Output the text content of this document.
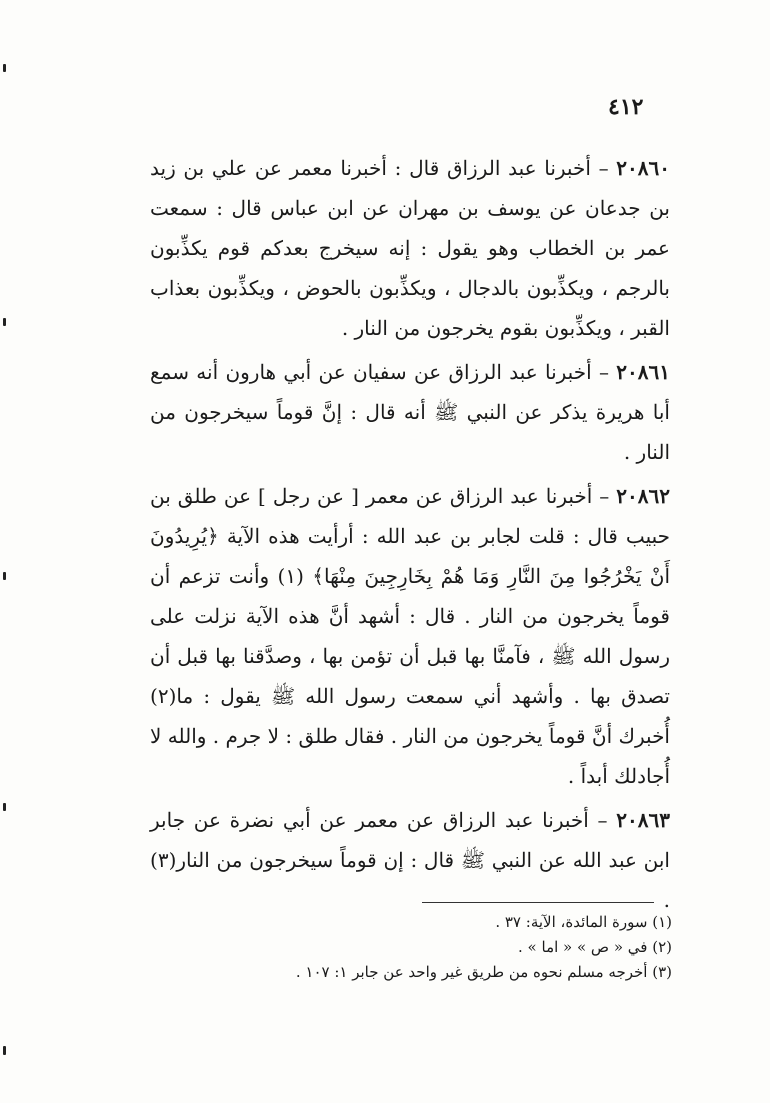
٤١٢

٢٠٨٦٠ – أخبرنا عبد الرزاق قال : أخبرنا معمر عن علي بن زيد بن جدعان عن يوسف بن مهران عن ابن عباس قال : سمعت عمر بن الخطاب وهو يقول : إنه سيخرج بعدكم قوم يكذِّبون بالرجم ، ويكذِّبون بالدجال ، ويكذِّبون بالحوض ، ويكذِّبون بعذاب القبر ، ويكذِّبون بقوم يخرجون من النار .

٢٠٨٦١ – أخبرنا عبد الرزاق عن سفيان عن أبي هارون أنه سمع أبا هريرة يذكر عن النبي ﷺ أنه قال : إنَّ قوماً سيخرجون من النار .

٢٠٨٦٢ – أخبرنا عبد الرزاق عن معمر [ عن رجل ] عن طلق بن حبيب قال : قلت لجابر بن عبد الله : أرأيت هذه الآية ﴿يُرِيدُونَ أَنْ يَخْرُجُوا مِنَ النَّارِ وَمَا هُمْ بِخَارِجِينَ مِنْهَا﴾ (١) وأنت تزعم أن قوماً يخرجون من النار . قال : أشهد أنَّ هذه الآية نزلت على رسول الله ﷺ ، فآمنَّا بها قبل أن تؤمن بها ، وصدَّقنا بها قبل أن تصدق بها . وأشهد أني سمعت رسول الله ﷺ يقول : ما(٢) أُخبرك أنَّ قوماً يخرجون من النار . فقال طلق : لا جرم . والله لا أُجادلك أبداً .

٢٠٨٦٣ – أخبرنا عبد الرزاق عن معمر عن أبي نضرة عن جابر ابن عبد الله عن النبي ﷺ قال : إن قوماً سيخرجون من النار(٣) .

(١) سورة المائدة، الآية: ٣٧ .
(٢) في « ص » « اما » .
(٣) أخرجه مسلم نحوه من طريق غير واحد عن جابر ١: ١٠٧ .
